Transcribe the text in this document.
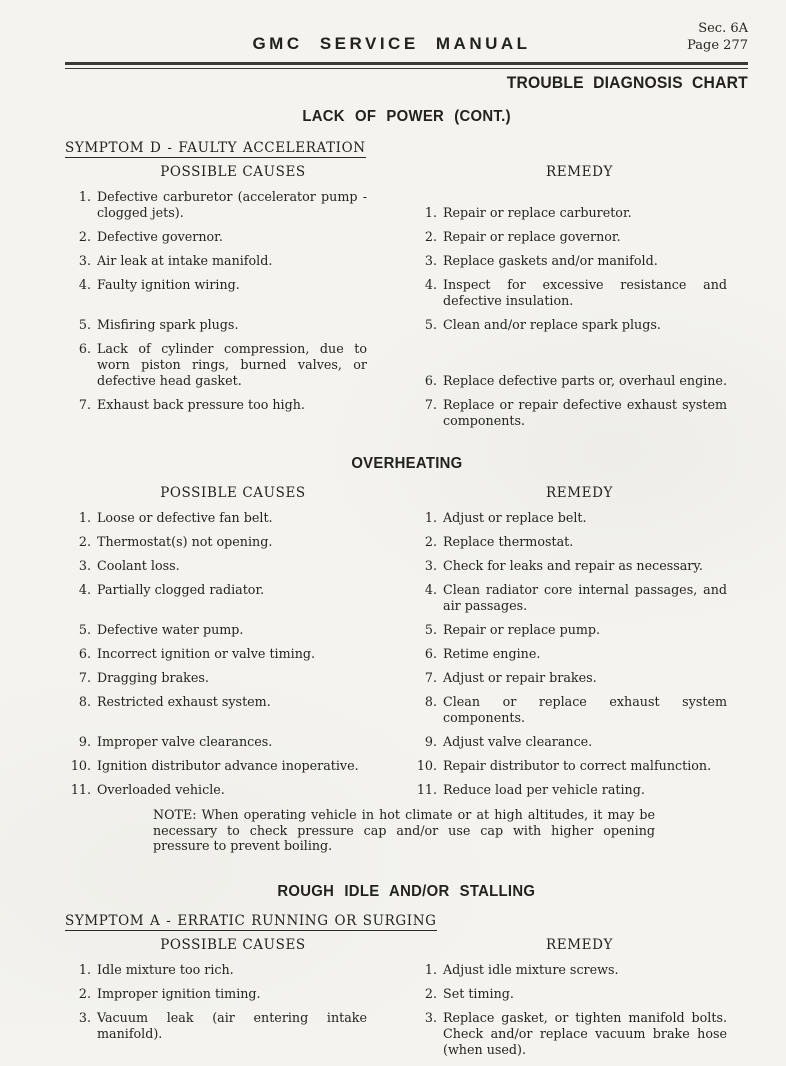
GMC SERVICE MANUAL
Sec. 6A
Page 277
TROUBLE DIAGNOSIS CHART
LACK OF POWER (CONT.)
SYMPTOM D - FAULTY ACCELERATION
POSSIBLE CAUSES	REMEDY
1. Defective carburetor (accelerator pump - clogged jets).	1. Repair or replace carburetor.
2. Defective governor.	2. Repair or replace governor.
3. Air leak at intake manifold.	3. Replace gaskets and/or manifold.
4. Faulty ignition wiring.	4. Inspect for excessive resistance and defective insulation.
5. Misfiring spark plugs.	5. Clean and/or replace spark plugs.
6. Lack of cylinder compression, due to worn piston rings, burned valves, or defective head gasket.	6. Replace defective parts or, overhaul engine.
7. Exhaust back pressure too high.	7. Replace or repair defective exhaust system components.
OVERHEATING
POSSIBLE CAUSES	REMEDY
1. Loose or defective fan belt.	1. Adjust or replace belt.
2. Thermostat(s) not opening.	2. Replace thermostat.
3. Coolant loss.	3. Check for leaks and repair as necessary.
4. Partially clogged radiator.	4. Clean radiator core internal passages, and air passages.
5. Defective water pump.	5. Repair or replace pump.
6. Incorrect ignition or valve timing.	6. Retime engine.
7. Dragging brakes.	7. Adjust or repair brakes.
8. Restricted exhaust system.	8. Clean or replace exhaust system components.
9. Improper valve clearances.	9. Adjust valve clearance.
10. Ignition distributor advance inoperative.	10. Repair distributor to correct malfunction.
11. Overloaded vehicle.	11. Reduce load per vehicle rating.
NOTE: When operating vehicle in hot climate or at high altitudes, it may be necessary to check pressure cap and/or use cap with higher opening pressure to prevent boiling.
ROUGH IDLE AND/OR STALLING
SYMPTOM A - ERRATIC RUNNING OR SURGING
POSSIBLE CAUSES	REMEDY
1. Idle mixture too rich.	1. Adjust idle mixture screws.
2. Improper ignition timing.	2. Set timing.
3. Vacuum leak (air entering intake manifold).
3. Replace gasket, or tighten manifold bolts. Check and/or replace vacuum brake hose (when used).
